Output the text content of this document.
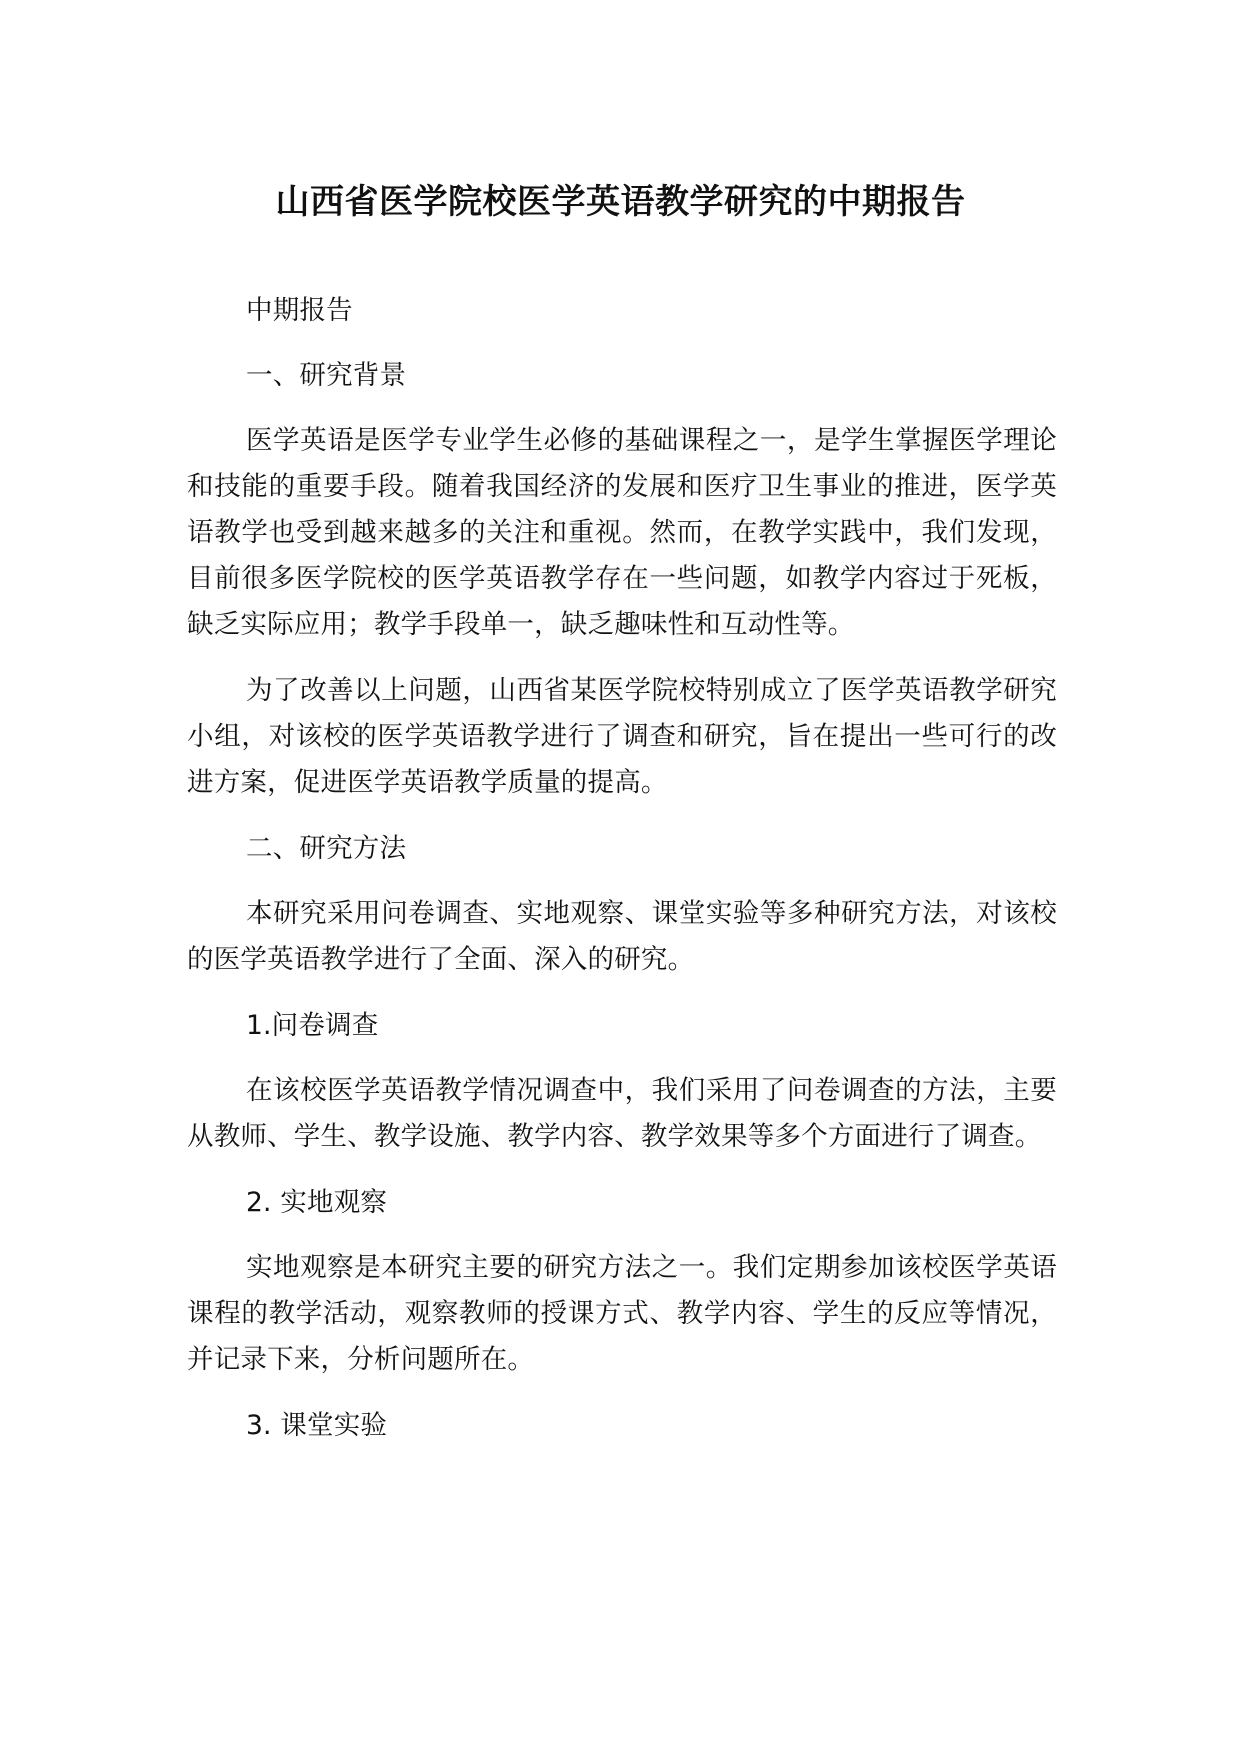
山西省医学院校医学英语教学研究的中期报告

中期报告

一、研究背景

医学英语是医学专业学生必修的基础课程之一，是学生掌握医学理论和技能的重要手段。随着我国经济的发展和医疗卫生事业的推进，医学英语教学也受到越来越多的关注和重视。然而，在教学实践中，我们发现，目前很多医学院校的医学英语教学存在一些问题，如教学内容过于死板，缺乏实际应用；教学手段单一，缺乏趣味性和互动性等。

为了改善以上问题，山西省某医学院校特别成立了医学英语教学研究小组，对该校的医学英语教学进行了调查和研究，旨在提出一些可行的改进方案，促进医学英语教学质量的提高。

二、研究方法

本研究采用问卷调查、实地观察、课堂实验等多种研究方法，对该校的医学英语教学进行了全面、深入的研究。

1.问卷调查

在该校医学英语教学情况调查中，我们采用了问卷调查的方法，主要从教师、学生、教学设施、教学内容、教学效果等多个方面进行了调查。

2. 实地观察

实地观察是本研究主要的研究方法之一。我们定期参加该校医学英语课程的教学活动，观察教师的授课方式、教学内容、学生的反应等情况，并记录下来，分析问题所在。

3. 课堂实验
